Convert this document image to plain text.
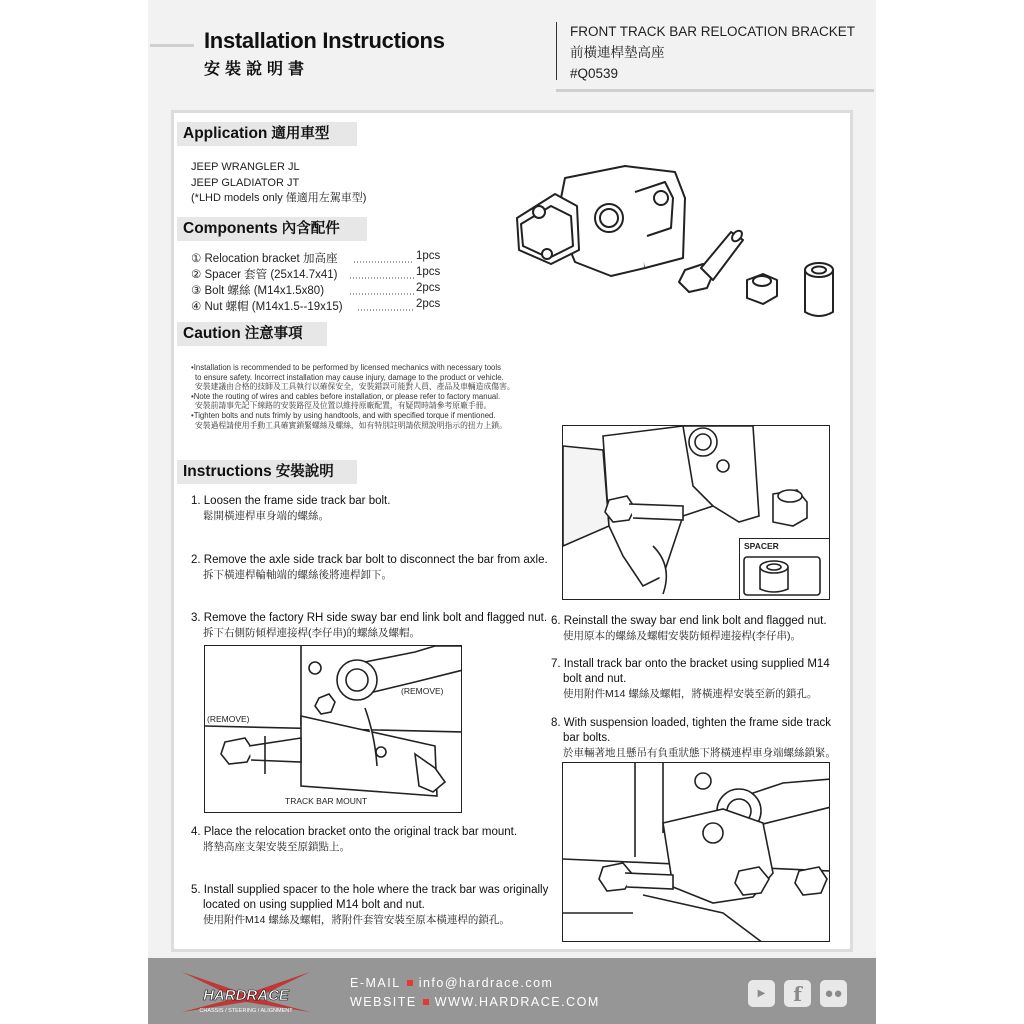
Installation Instructions
安裝說明書
FRONT TRACK BAR RELOCATION BRACKET
前橫連桿墊高座
#Q0539
Application 適用車型
JEEP WRANGLER JL
JEEP GLADIATOR JT
(*LHD models only 僅適用左駕車型)
Components 內含配件
① Relocation bracket 加高座
② Spacer 套管 (25x14.7x41)
③ Bolt 螺絲 (M14x1.5x80)
④ Nut 螺帽 (M14x1.5--19x15)
1pcs
1pcs
2pcs
2pcs
Caution 注意事項
•Installation is recommended to be performed by licensed mechanics with necessary tools
to ensure safety. Incorrect installation may cause injury, damage to the product or vehicle.
安裝建議由合格的技師及工具執行以確保安全，安裝錯誤可能對人員、產品及車輛造成傷害。
•Note the routing of wires and cables before installation, or please refer to factory manual.
安裝前請事先記下線路的安裝路徑及位置以維持原廠配置，有疑問時請參考原廠手冊。
•Tighten bolts and nuts frimly by using handtools, and with specified torque if mentioned.
安裝過程請使用手動工具確實鎖緊螺絲及螺絲，如有特別註明請依照說明指示的扭力上鎖。
Instructions 安裝說明
1. Loosen the frame side track bar bolt.
鬆開橫連桿車身端的螺絲。
2. Remove the axle side track bar bolt to disconnect the bar from axle.
拆下橫連桿輪軸端的螺絲後將連桿卸下。
3. Remove the factory RH side sway bar end link bolt and flagged nut.
拆下右側防傾桿連接桿(李仔串)的螺絲及螺帽。
4. Place the relocation bracket onto the original track bar mount.
將墊高座支架安裝至原鎖點上。
5. Install supplied spacer to the hole where the track bar was originally
located on using supplied M14 bolt and nut.
使用附件M14 螺絲及螺帽，將附件套管安裝至原本橫連桿的鎖孔。
6. Reinstall the sway bar end link bolt and flagged nut.
使用原本的螺絲及螺帽安裝防傾桿連接桿(李仔串)。
7. Install track bar onto the bracket using supplied M14
bolt and nut.
使用附件M14 螺絲及螺帽，將橫連桿安裝至新的鎖孔。
8. With suspension loaded, tighten the frame side track
bar bolts.
於車輛著地且懸吊有負重狀態下將橫連桿車身端螺絲鎖緊。
SPACER
(REMOVE)
(REMOVE)
TRACK BAR MOUNT
HARDRACE
CHASSIS / STEERING / ALIGNMENT
E-MAIL info@hardrace.com
WEBSITE WWW.HARDRACE.COM
▶	f	●●
